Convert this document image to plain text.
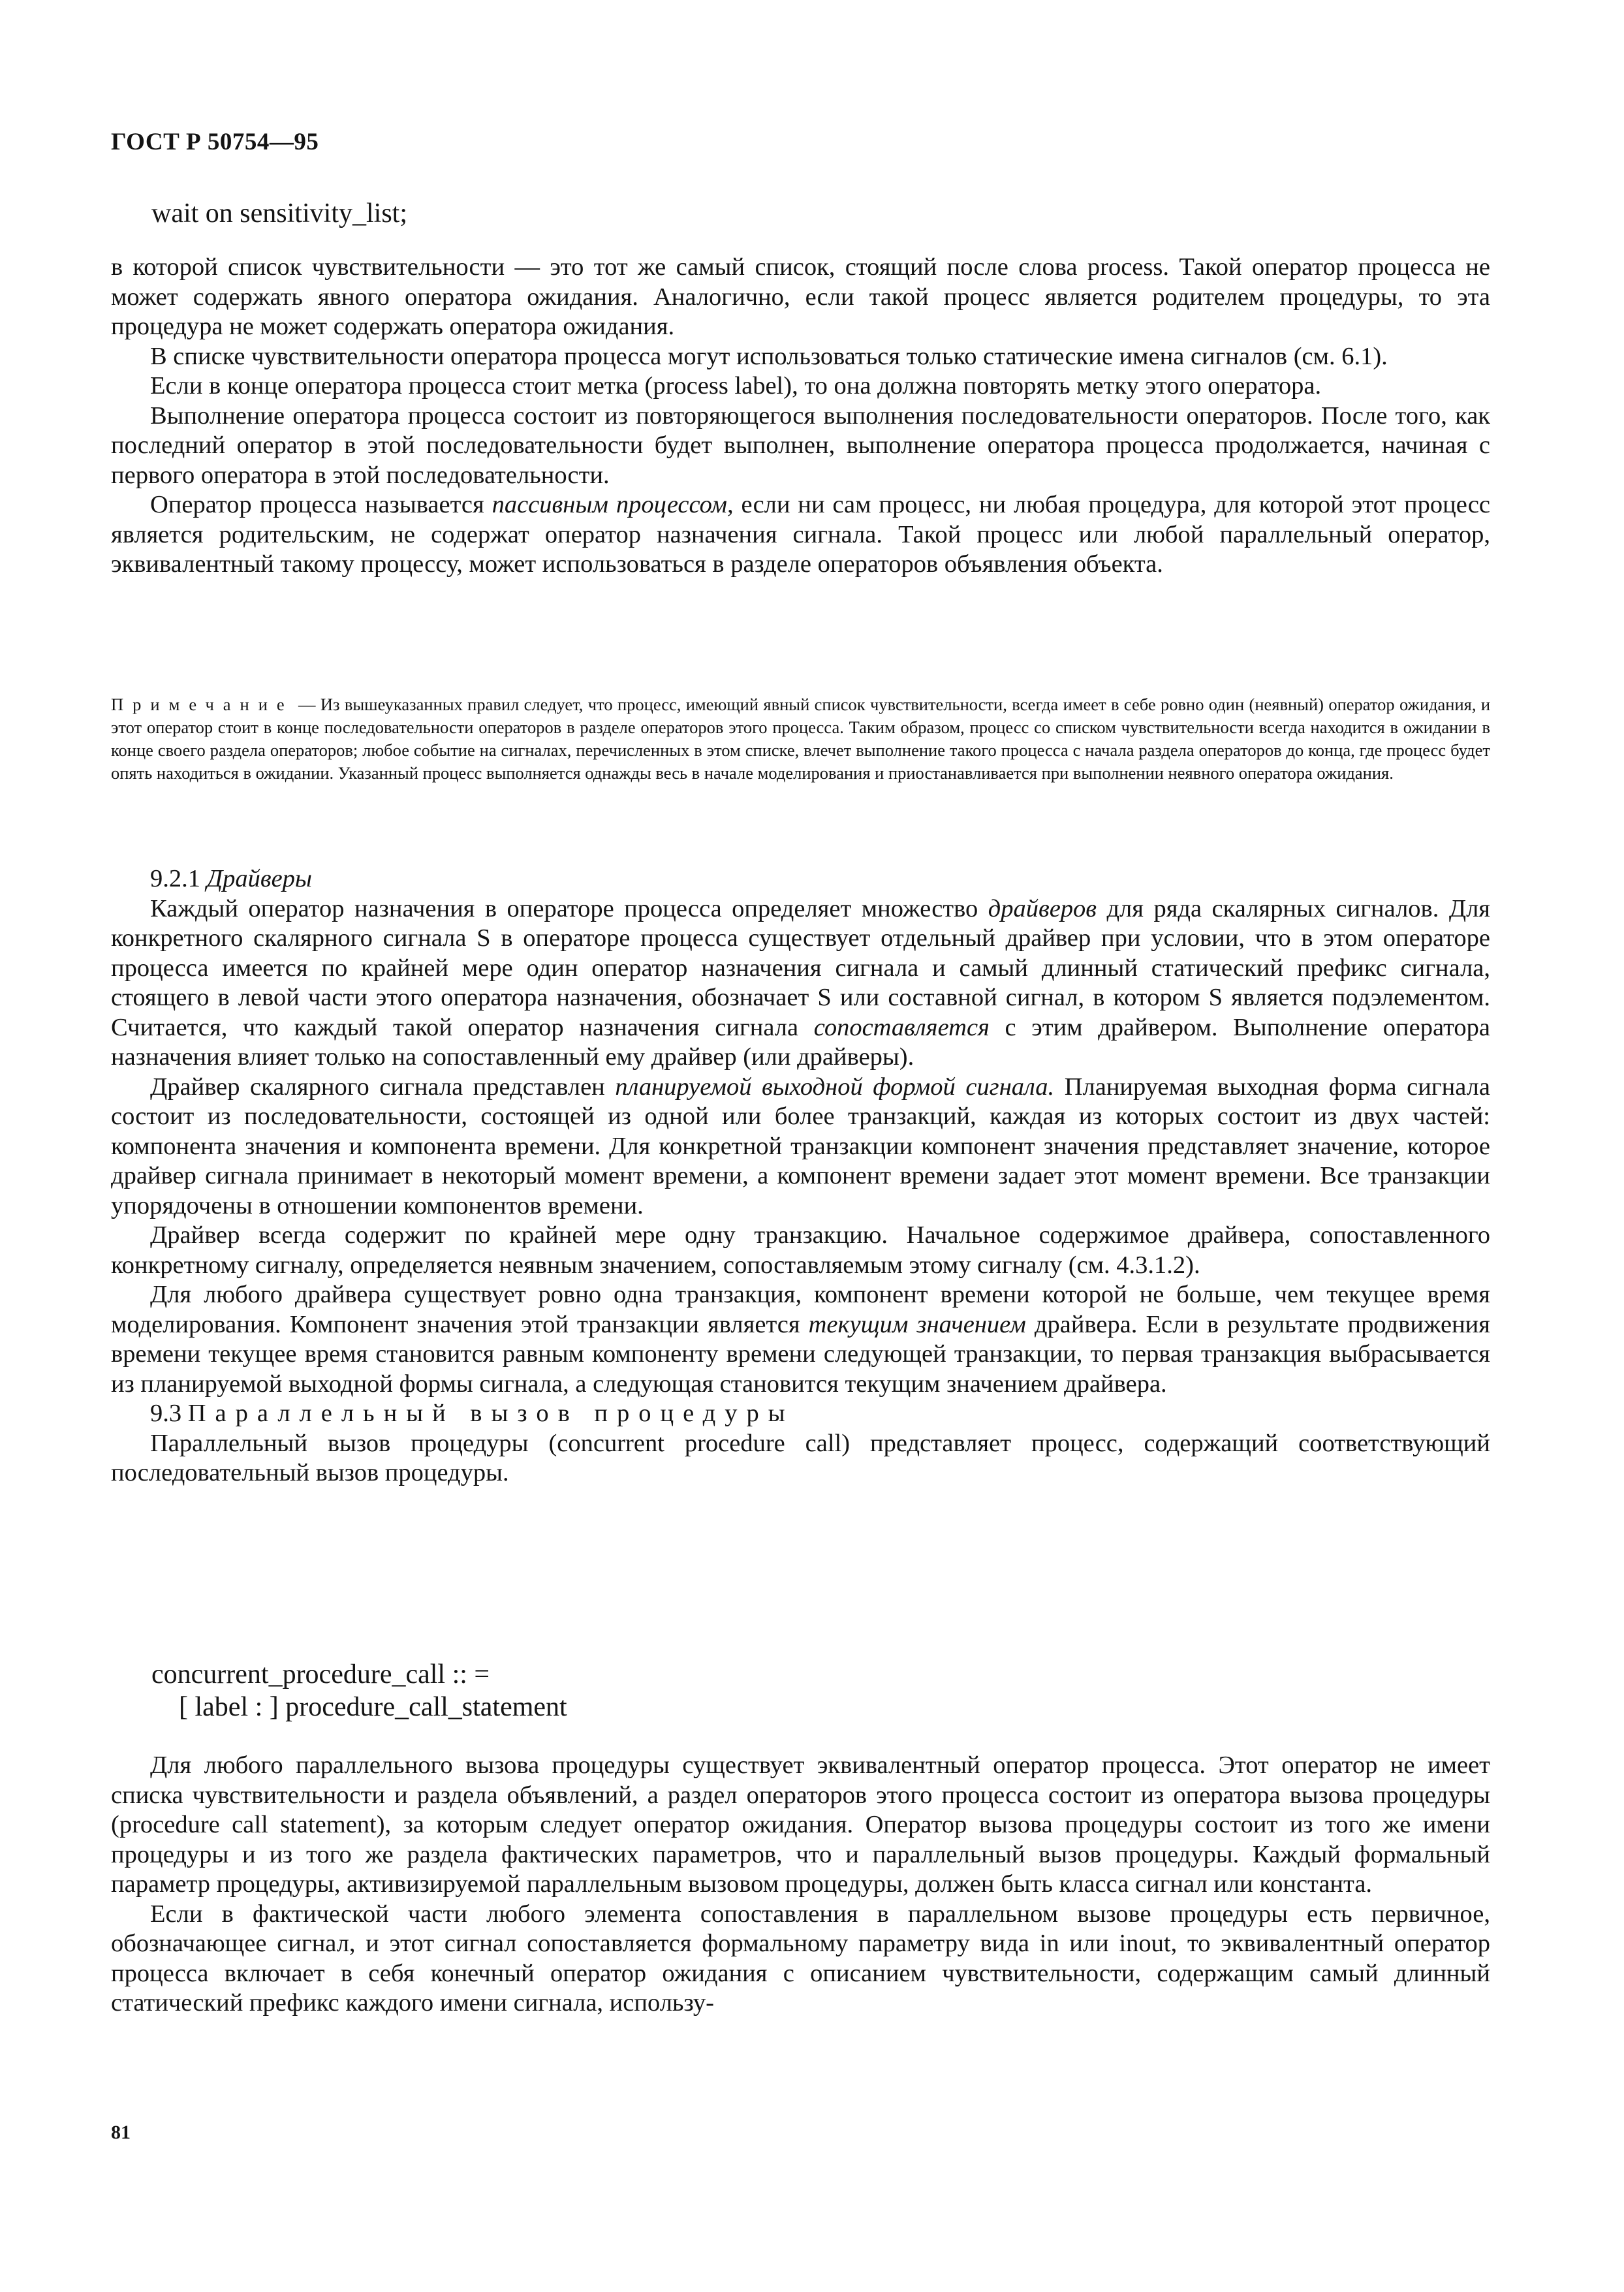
ГОСТ Р 50754—95

wait on sensitivity_list;

в которой список чувствительности — это тот же самый список, стоящий после слова process. Такой оператор процесса не может содержать явного оператора ожидания. Аналогично, если такой процесс является родителем процедуры, то эта процедура не может содержать оператора ожидания.

В списке чувствительности оператора процесса могут использоваться только статические имена сигналов (см. 6.1).

Если в конце оператора процесса стоит метка (process label), то она должна повторять метку этого оператора.

Выполнение оператора процесса состоит из повторяющегося выполнения последовательности операторов. После того, как последний оператор в этой последовательности будет выполнен, выполнение оператора процесса продолжается, начиная с первого оператора в этой последовательности.

Оператор процесса называется пассивным процессом, если ни сам процесс, ни любая процедура, для которой этот процесс является родительским, не содержат оператор назначения сигнала. Такой процесс или любой параллельный оператор, эквивалентный такому процессу, может использоваться в разделе операторов объявления объекта.

Примечание — Из вышеуказанных правил следует, что процесс, имеющий явный список чувствительности, всегда имеет в себе ровно один (неявный) оператор ожидания, и этот оператор стоит в конце последовательности операторов в разделе операторов этого процесса. Таким образом, процесс со списком чувствительности всегда находится в ожидании в конце своего раздела операторов; любое событие на сигналах, перечисленных в этом списке, влечет выполнение такого процесса с начала раздела операторов до конца, где процесс будет опять находиться в ожидании. Указанный процесс выполняется однажды весь в начале моделирования и приостанавливается при выполнении неявного оператора ожидания.

9.2.1 Драйверы

Каждый оператор назначения в операторе процесса определяет множество драйверов для ряда скалярных сигналов. Для конкретного скалярного сигнала S в операторе процесса существует отдельный драйвер при условии, что в этом операторе процесса имеется по крайней мере один оператор назначения сигнала и самый длинный статический префикс сигнала, стоящего в левой части этого оператора назначения, обозначает S или составной сигнал, в котором S является подэлементом. Считается, что каждый такой оператор назначения сигнала сопоставляется с этим драйвером. Выполнение оператора назначения влияет только на сопоставленный ему драйвер (или драйверы).

Драйвер скалярного сигнала представлен планируемой выходной формой сигнала. Планируемая выходная форма сигнала состоит из последовательности, состоящей из одной или более транзакций, каждая из которых состоит из двух частей: компонента значения и компонента времени. Для конкретной транзакции компонент значения представляет значение, которое драйвер сигнала принимает в некоторый момент времени, а компонент времени задает этот момент времени. Все транзакции упорядочены в отношении компонентов времени.

Драйвер всегда содержит по крайней мере одну транзакцию. Начальное содержимое драйвера, сопоставленного конкретному сигналу, определяется неявным значением, сопоставляемым этому сигналу (см. 4.3.1.2).

Для любого драйвера существует ровно одна транзакция, компонент времени которой не больше, чем текущее время моделирования. Компонент значения этой транзакции является текущим значением драйвера. Если в результате продвижения времени текущее время становится равным компоненту времени следующей транзакции, то первая транзакция выбрасывается из планируемой выходной формы сигнала, а следующая становится текущим значением драйвера.

9.3 Параллельный вызов процедуры

Параллельный вызов процедуры (concurrent procedure call) представляет процесс, содержащий соответствующий последовательный вызов процедуры.

concurrent_procedure_call :: =

[ label : ] procedure_call_statement

Для любого параллельного вызова процедуры существует эквивалентный оператор процесса. Этот оператор не имеет списка чувствительности и раздела объявлений, а раздел операторов этого процесса состоит из оператора вызова процедуры (procedure call statement), за которым следует оператор ожидания. Оператор вызова процедуры состоит из того же имени процедуры и из того же раздела фактических параметров, что и параллельный вызов процедуры. Каждый формальный параметр процедуры, активизируемой параллельным вызовом процедуры, должен быть класса сигнал или константа.

Если в фактической части любого элемента сопоставления в параллельном вызове процедуры есть первичное, обозначающее сигнал, и этот сигнал сопоставляется формальному параметру вида in или inout, то эквивалентный оператор процесса включает в себя конечный оператор ожидания с описанием чувствительности, содержащим самый длинный статический префикс каждого имени сигнала, использу-

81
